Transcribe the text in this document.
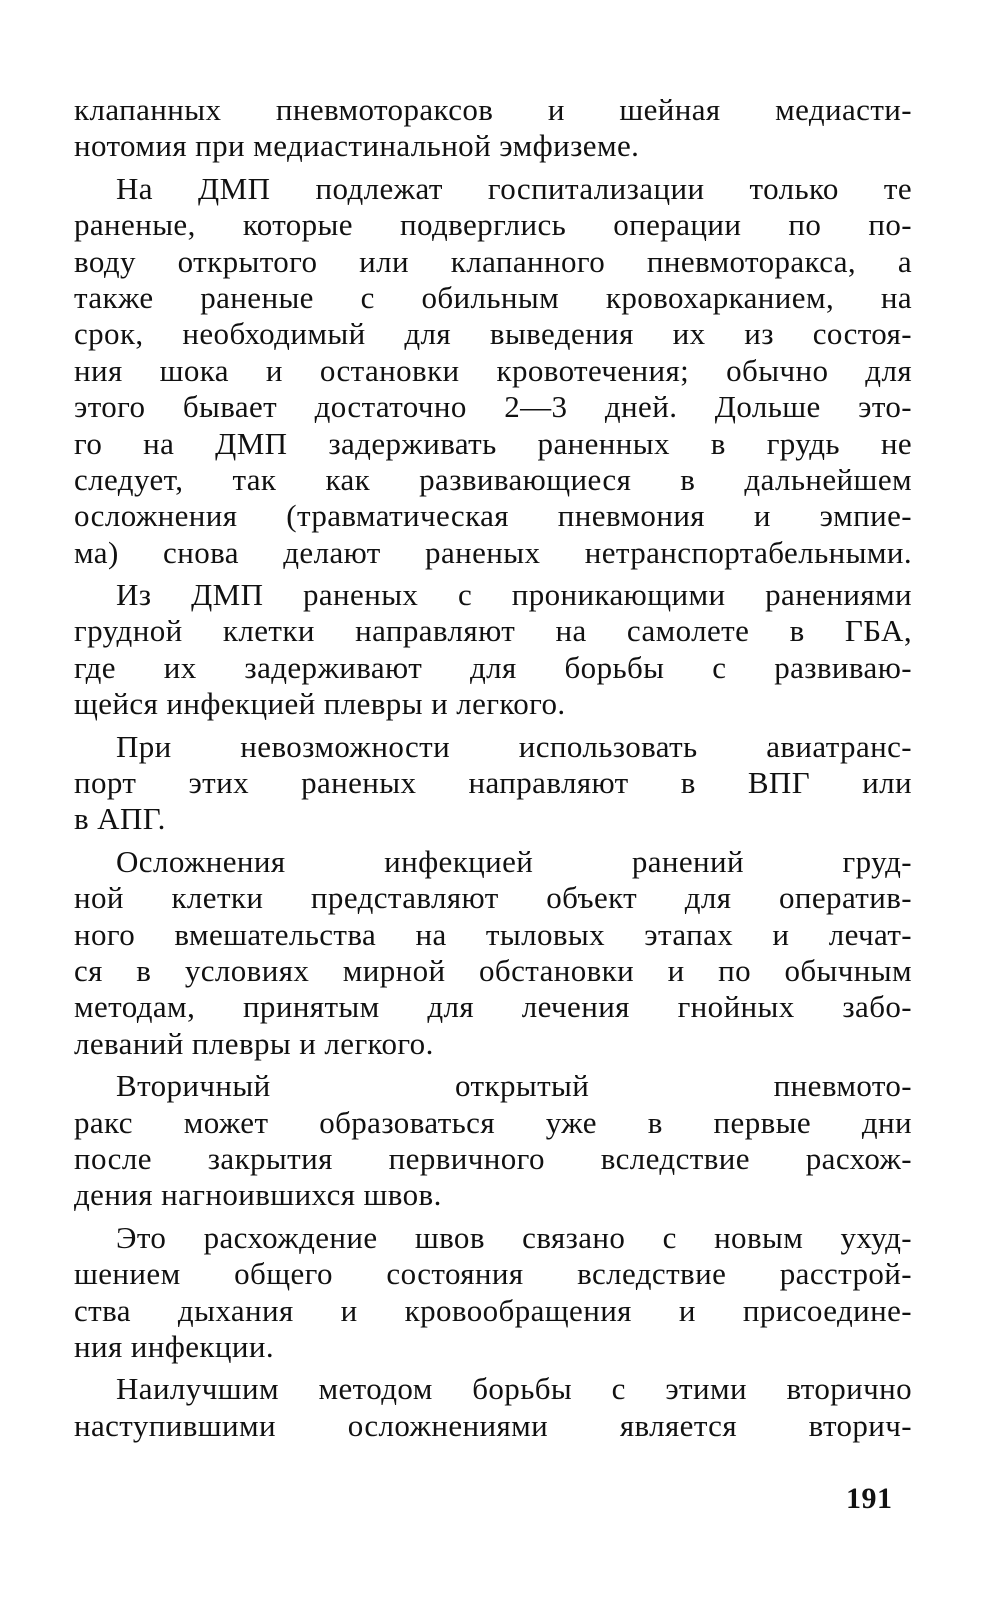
клапанных пневмотораксов и шейная медиасти-
нотомия при медиастинальной эмфиземе.
На ДМП подлежат госпитализации только те
раненые, которые подверглись операции по по-
воду открытого или клапанного пневмоторакса, а
также раненые с обильным кровохарканием, на
срок, необходимый для выведения их из состоя-
ния шока и остановки кровотечения; обычно для
этого бывает достаточно 2—3 дней. Дольше это-
го на ДМП задерживать раненных в грудь не
следует, так как развивающиеся в дальнейшем
осложнения (травматическая пневмония и эмпие-
ма) снова делают раненых нетранспортабельными.
Из ДМП раненых с проникающими ранениями
грудной клетки направляют на самолете в ГБА,
где их задерживают для борьбы с развиваю-
щейся инфекцией плевры и легкого.
При невозможности использовать авиатранс-
порт этих раненых направляют в ВПГ или
в АПГ.
Осложнения инфекцией ранений груд-
ной клетки представляют объект для оператив-
ного вмешательства на тыловых этапах и лечат-
ся в условиях мирной обстановки и по обычным
методам, принятым для лечения гнойных забо-
леваний плевры и легкого.
Вторичный открытый пневмото-
ракс может образоваться уже в первые дни
после закрытия первичного вследствие расхож-
дения нагноившихся швов.
Это расхождение швов связано с новым ухуд-
шением общего состояния вследствие расстрой-
ства дыхания и кровообращения и присоедине-
ния инфекции.
Наилучшим методом борьбы с этими вторично
наступившими осложнениями является вторич-
191
